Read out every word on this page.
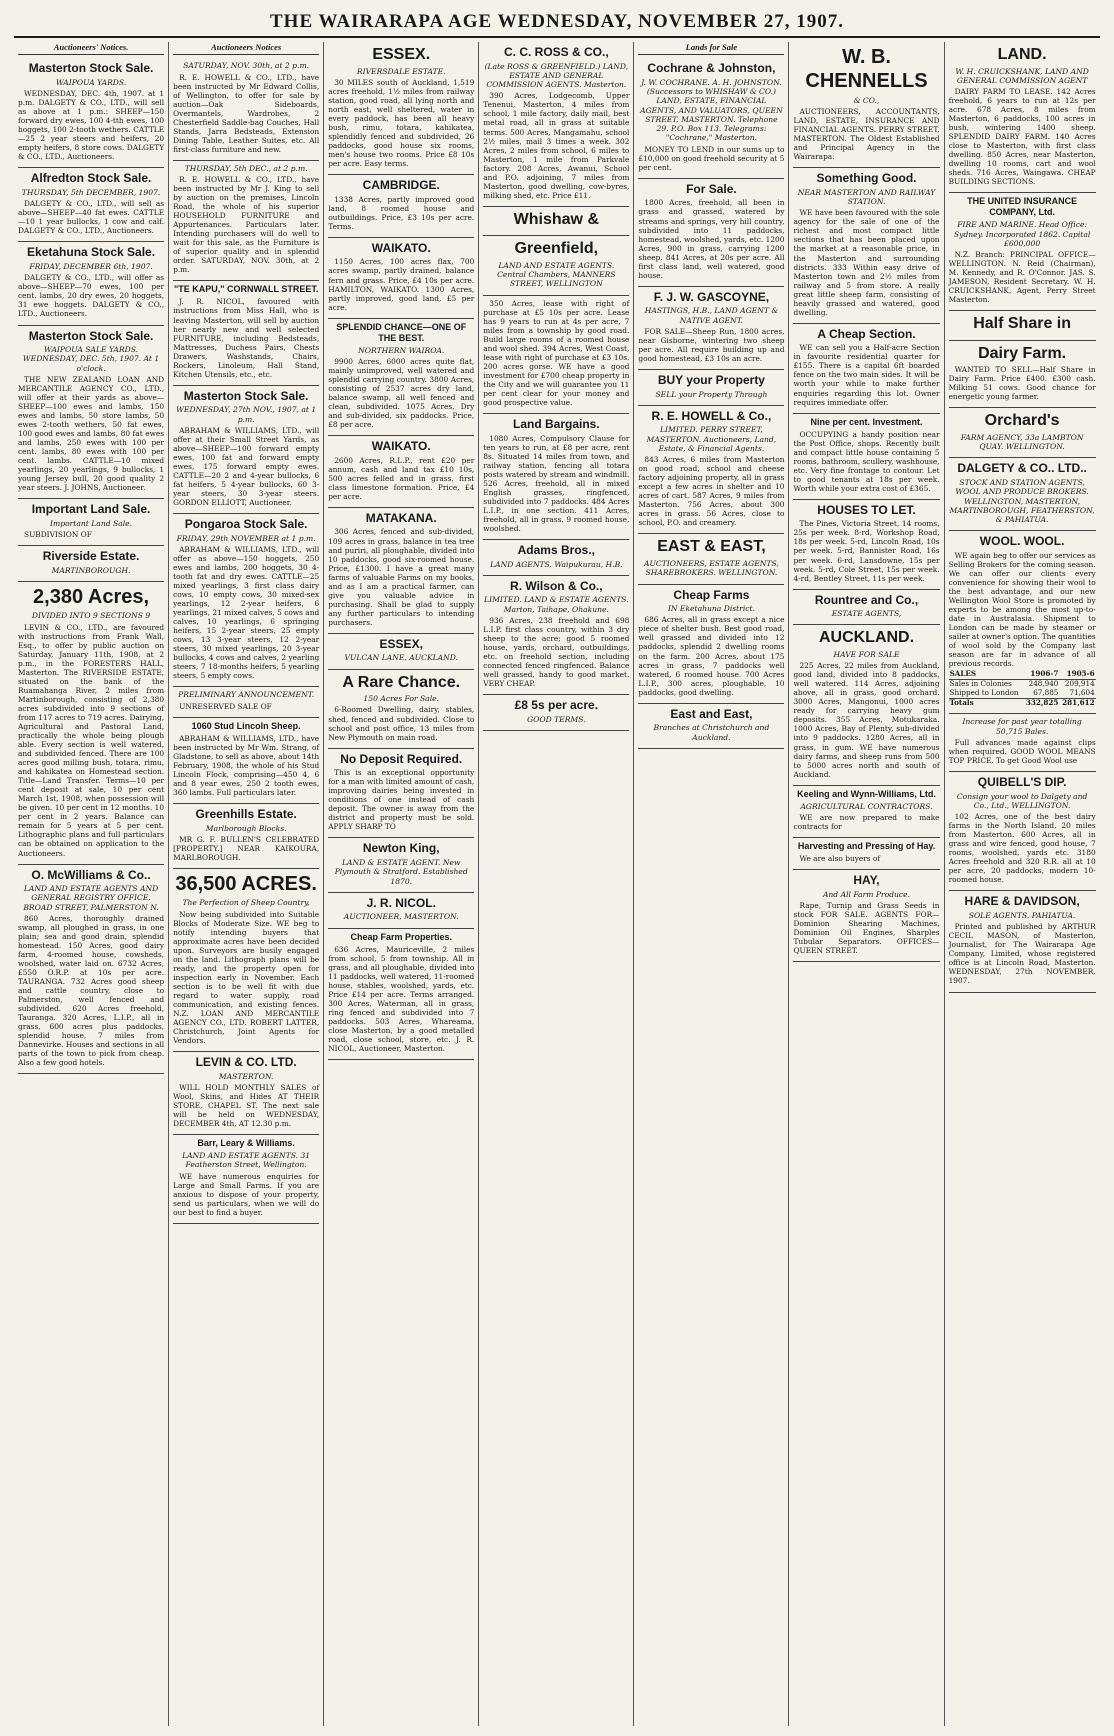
THE WAIRARAPA AGE WEDNESDAY, NOVEMBER 27, 1907.
Auctioneers' Notices.
Masterton Stock Sale.
WAIPOUA YARDS.

WEDNESDAY, DEC. 4th, 1907. at 1 p.m. DALGETY & CO., LTD., will sell as above at 1 p.m.: SHEEP—150 forward dry ewes, 100 4-tth ewes, 100 hoggets, 100 2-tooth wethers. CATTLE—25 2 year steers and heifers, 20 empty heifers, 8 store cows. DALGETY & CO., LTD., Auctioneers.

Alfredton Stock Sale.
THURSDAY, 5th DECEMBER, 1907.

DALGETY & CO., LTD., will sell as above—SHEEP—40 fat ewes. CATTLE—10 1 year bullocks, 1 cow and calf. DALGETY & CO., LTD., Auctioneers.

Eketahuna Stock Sale.
FRIDAY, DECEMBER 6th, 1907.

DALGETY & CO., LTD., will offer as above—SHEEP—70 ewes, 100 per cent. lambs, 20 dry ewes, 20 hoggets, 31 ewe hoggets. DALGETY & CO., LTD., Auctioneers.

Masterton Stock Sale.
WAIPOUA SALE YARDS. WEDNESDAY, DEC. 5th, 1907. At 1 o'clock.

THE NEW ZEALAND LOAN AND MERCANTILE AGENCY CO., LTD., will offer at their yards as above—SHEEP—100 ewes and lambs, 150 ewes and lambs, 50 store lambs, 50 ewes 2-tooth wethers, 50 fat ewes, 100 good ewes and lambs, 80 fat ewes and lambs, 250 ewes with 100 per cent. lambs, 80 ewes with 100 per cent. lambs. CATTLE—10 mixed yearlings, 20 yearlings, 9 bullocks, 1 young Jersey bull, 20 good quality 2 year steers. J. JOHNS, Auctioneer.

Important Land Sale.
Important Land Sale.

SUBDIVISION OF

Riverside Estate.
MARTINBOROUGH.
2,380 Acres,
DIVIDED INTO 9 SECTIONS 9

LEVIN & CO., LTD., are favoured with instructions from Frank Wall, Esq., to offer by public auction on Saturday, January 11th, 1908, at 2 p.m., in the FORESTERS HALL, Masterton. The RIVERSIDE ESTATE, situated on the bank of the Ruamahanga River, 2 miles from Martinborough, consisting of 2,380 acres subdivided into 9 sections of from 117 acres to 719 acres. Dairying, Agricultural and Pastoral Land, practically the whole being plough able. Every section is well watered, and subdivided fenced. There are 100 acres good milling bush, totara, rimu, and kahikatea on Homestead section. Title—Land Transfer. Terms—10 per cent deposit at sale, 10 per cent March 1st, 1908, when possession will be given. 10 per cent in 12 months. 10 per cent in 2 years. Balance can remain for 5 years at 5 per cent. Lithographic plans and full particulars can be obtained on application to the Auctioneers.

O. McWilliams & Co..
LAND AND ESTATE AGENTS AND GENERAL REGISTRY OFFICE. BROAD STREET, PALMERSTON N.

860 Acres, thoroughly drained swamp, all ploughed in grass, in one plain; sea and good drain, splendid homestead. 150 Acres, good dairy farm, 4-roomed house, cowsheds, woolshed, water laid on. 6732 Acres, £550 O.R.P. at 10s per acre. TAURANGA. 732 Acres good sheep and cattle country, close to Palmerston, well fenced and subdivided. 620 Acres freehold, Tauranga. 320 Acres, L.I.P., all in grass, 600 acres plus paddocks, splendid house, 7 miles from Dannevirke. Houses and sections in all parts of the town to pick from cheap. Also a few good hotels.

Auctioneers Notices
SATURDAY, NOV. 30th, at 2 p.m.

R. E. HOWELL & CO., LTD., have been instructed by Mr Edward Collis, of Wellington, to offer for sale by auction—Oak Sideboards, Overmantels, Wardrobes, 2 Chesterfield Saddle-bag Couches, Hall Stands, Jarra Bedsteads, Extension Dining Table, Leather Suites, etc. All first-class furniture and new.

THURSDAY, 5th DEC., at 2 p.m.

R. E. HOWELL & CO., LTD., have been instructed by Mr J. King to sell by auction on the premises, Lincoln Road, the whole of his superior HOUSEHOLD FURNITURE and Appurtenances. Particulars later. Intending purchasers will do well to wait for this sale, as the Furniture is of superior quality and in splendid order. SATURDAY, NOV. 30th, at 2 p.m.

"TE KAPU," CORNWALL STREET.

J. R. NICOL, favoured with instructions from Miss Hall, who is leaving Masterton, will sell by auction her nearly new and well selected FURNITURE, including Bedsteads, Mattresses, Duchess Pairs, Chests Drawers, Washstands, Chairs, Rockers, Linoleum, Hall Stand, Kitchen Utensils, etc., etc.

Masterton Stock Sale.
WEDNESDAY, 27th NOV., 1907, at 1 p.m.

ABRAHAM & WILLIAMS, LTD., will offer at their Small Street Yards, as above—SHEEP—100 forward empty ewes, 100 fat and forward empty ewes, 175 forward empty ewes. CATTLE—20 2 and 4-year bullocks, 6 fat heifers, 5 4-year bullocks, 60 3-year steers, 30 3-year steers. GORDON ELLIOTT, Auctioneer.

Pongaroa Stock Sale.
FRIDAY, 29th NOVEMBER at 1 p.m.

ABRAHAM & WILLIAMS, LTD., will offer as above—150 hoggets, 250 ewes and lambs, 200 hoggets, 30 4-tooth fat and dry ewes. CATTLE—25 mixed yearlings, 3 first class dairy cows, 10 empty cows, 30 mixed-sex yearlings, 12 2-year heifers, 6 yearlings, 21 mixed calves, 5 cows and calves, 10 yearlings, 6 springing heifers, 15 2-year steers, 25 empty cows, 13 3-year steers, 12 2-year steers, 30 mixed yearlings, 20 3-year bullocks, 4 cows and calves, 2 yearling steers, 7 18-months heifers, 5 yearling steers, 5 empty cows.

PRELIMINARY ANNOUNCEMENT.

UNRESERVED SALE OF

1060 Stud Lincoln Sheep.

ABRAHAM & WILLIAMS, LTD., have been instructed by Mr Wm. Strang, of Gladstone, to sell as above, about 14th February, 1908, the whole of his Stud Lincoln Flock, comprising—450 4, 6 and 8 year ewes, 250 2 tooth ewes, 360 lambs. Full particulars later.

Greenhills Estate.
Marlborough Blocks.

MR G. F. BULLEN'S CELEBRATED [PROPERTY.] NEAR KAIKOURA, MARLBOROUGH.

36,500 ACRES.
The Perfection of Sheep Country,

Now being subdivided into Suitable Blocks of Moderate Size. WE beg to notify intending buyers that approximate acres have been decided upon. Surveyors are busily engaged on the land. Lithograph plans will be ready, and the property open for inspection early in November. Each section is to be well fit with due regard to water supply, road communication, and existing fences. N.Z. LOAN AND MERCANTILE AGENCY CO., LTD. ROBERT LATTER, Christchurch, Joint Agents for Vendors.

LEVIN & CO. LTD.
MASTERTON.

WILL HOLD MONTHLY SALES of Wool, Skins, and Hides AT THEIR STORE, CHAPEL ST. The next sale will be held on WEDNESDAY, DECEMBER 4th, AT 12.30 p.m.

Barr, Leary & Williams.
LAND AND ESTATE AGENTS. 31 Featherston Street, Wellington.

WE have numerous enquiries for Large and Small Farms. If you are anxious to dispose of your property, send us particulars, when we will do our best to find a buyer.

ESSEX.
RIVERSDALE ESTATE.

30 MILES south of Auckland, 1,519 acres freehold, 1½ miles from railway station, good road, all lying north and north east, well sheltered, water in every paddock, has been all heavy bush, rimu, totara, kahikatea, splendidly fenced and subdivided, 26 paddocks, good house six rooms, men's house two rooms. Price £8 10s per acre. Easy terms.

CAMBRIDGE.

1338 Acres, partly improved good land, 8 roomed house and outbuildings. Price, £3 10s per acre. Terms.

WAIKATO.

1150 Acres, 100 acres flax, 700 acres swamp, partly drained, balance fern and grass. Price, £4 10s per acre. HAMILTON, WAIKATO. 1300 Acres, partly improved, good land, £5 per acre.

SPLENDID CHANCE—ONE OF THE BEST.
NORTHERN WAIROA.

9900 Acres, 6000 acres quite flat, mainly unimproved, well watered and splendid carrying country. 3800 Acres, consisting of 2537 acres dry land, balance swamp, all well fenced and clean, subdivided. 1075 Acres, Dry and sub-divided, six paddocks. Price, £8 per acre.

WAIKATO.

2600 Acres, R.L.P., rent £20 per annum, cash and land tax £10 10s, 500 acres felled and in grass, first class limestone formation. Price, £4 per acre.

MATAKANA.

306 Acres, fenced and sub-divided, 109 acres in grass, balance in tea tree and puriri, all ploughable, divided into 10 paddocks, good six-roomed house. Price, £1300. I have a great many farms of valuable Farms on my books, and as I am a practical farmer, can give you valuable advice in purchasing. Shall be glad to supply any further particulars to intending purchasers.

ESSEX,
VULCAN LANE, AUCKLAND.
A Rare Chance.
150 Acres For Sale.

6-Roomed Dwelling, dairy, stables, shed, fenced and subdivided. Close to school and post office, 13 miles from New Plymouth on main road.

No Deposit Required.

This is an exceptional opportunity for a man with limited amount of cash, improving dairies being invested in conditions of one instead of cash deposit. The owner is away from the district and property must be sold. APPLY SHARP TO

Newton King,
LAND & ESTATE AGENT. New Plymouth & Stratford. Established 1870.
J. R. NICOL.
AUCTIONEER, MASTERTON.
Cheap Farm Properties.

636 Acres, Mauriceville, 2 miles from school, 5 from township. All in grass, and all ploughable, divided into 11 paddocks, well watered, 11-roomed house, stables, woolshed, yards, etc. Price £14 per acre. Terms arranged. 300 Acres, Waterman, all in grass, ring fenced and subdivided into 7 paddocks. 503 Acres, Whareama, close Masterton, by a good metalled road, close school, store, etc. J. R. NICOL, Auctioneer, Masterton.

C. C. ROSS & CO.,
(Late ROSS & GREENFIELD.) LAND, ESTATE AND GENERAL COMMISSION AGENTS. Masterton.

390 Acres, Lodgecomb, Upper Tenenui, Masterton, 4 miles from school, 1 mile factory, daily mail, best metal road, all in grass at suitable terms. 500 Acres, Mangamahu, school 2½ miles, mail 3 times a week. 302 Acres, 2 miles from school, 6 miles to Masterton, 1 mile from Parkvale factory. 208 Acres, Awanui, School and P.O. adjoining, 7 miles from Masterton, good dwelling, cow-byres, milking shed, etc. Price £11.

Whishaw &
Greenfield,
LAND AND ESTATE AGENTS. Central Chambers, MANNERS STREET, WELLINGTON

350 Acres, lease with right of purchase at £5 10s per acre. Lease has 9 years to run at 4s per acre, 7 miles from a township by good road. Build large rooms of a roomed house and wool shed. 394 Acres, West Coast, lease with right of purchase at £3 10s. 200 acres gorse. WE have a good investment for £700 cheap property in the City and we will guarantee you 11 per cent clear for your money and good prospective value.

Land Bargains.

1080 Acres, Compulsory Clause for ten years to run, at £8 per acre, rent 8s. Situated 14 miles from town, and railway station, fencing all totara posts watered by stream and windmill. 526 Acres, freehold, all in mixed English grasses, ringfenced, subdivided into 7 paddocks. 484 Acres L.I.P., in one section. 411 Acres, freehold, all in grass, 9 roomed house, woolshed.

Adams Bros.,
LAND AGENTS. Waipukurau, H.B.
R. Wilson & Co.,
LIMITED. LAND & ESTATE AGENTS. Marton, Taihape, Ohakune.

936 Acres, 238 freehold and 698 L.I.P. first class country, within 3 dry sheep to the acre; good 5 roomed house, yards, orchard, outbuildings, etc. on freehold section, including connected fenced ringfenced. Balance well grassed, handy to good market. VERY CHEAP.

£8 5s per acre.
GOOD TERMS.
Lands for Sale
Cochrane & Johnston,
J. W. COCHRANE. A. H. JOHNSTON. (Successors to WHISHAW & CO.) LAND, ESTATE, FINANCIAL AGENTS, AND VALUATORS, QUEEN STREET, MASTERTON. Telephone 29. P.O. Box 113. Telegrams: "Cochrane," Masterton.

MONEY TO LEND in our sums up to £10,000 on good freehold security at 5 per cent.

For Sale.

1800 Acres, freehold, all been in grass and grassed, watered by streams and springs, very hill country, subdivided into 11 paddocks, homestead, woolshed, yards, etc. 1200 Acres, 900 in grass, carrying 1200 sheep. 841 Acres, at 20s per acre. All first class land, well watered, good house.

F. J. W. GASCOYNE,
HASTINGS, H.B., LAND AGENT & NATIVE AGENT.

FOR SALE—Sheep Run, 1800 acres, near Gisborne, wintering two sheep per acre. All require building up and good homestead, £3 10s an acre.

BUY your Property
SELL your Property Through
R. E. HOWELL & Co.,
LIMITED. PERRY STREET, MASTERTON. Auctioneers, Land, Estate, & Financial Agents.

843 Acres, 6 miles from Masterton on good road, school and cheese factory adjoining property, all in grass except a few acres in shelter and 10 acres of cart. 587 Acres, 9 miles from Masterton. 756 Acres, about 300 acres in grass. 56 Acres, close to school, P.O. and creamery.

EAST & EAST,
AUCTIONEERS, ESTATE AGENTS, SHAREBROKERS. WELLINGTON.
Cheap Farms
IN Eketahuna District.

686 Acres, all in grass except a nice piece of shelter bush. Best good road, well grassed and divided into 12 paddocks, splendid 2 dwelling rooms on the farm. 200 Acres, about 175 acres in grass, 7 paddocks well watered, 6 roomed house. 700 Acres L.I.P., 300 acres, ploughable, 10 paddocks, good dwelling.

East and East,
Branches at Christchurch and Auckland.
W. B. CHENNELLS
& CO.,

AUCTIONEERS, ACCOUNTANTS, LAND, ESTATE, INSURANCE AND FINANCIAL AGENTS. PERRY STREET, MASTERTON. The Oldest Established and Principal Agency in the Wairarapa.

Something Good.
NEAR MASTERTON AND RAILWAY STATION.

WE have been favoured with the sole agency for the sale of one of the richest and most compact little sections that has been placed upon the market at a reasonable price, in the Masterton and surrounding districts. 333 Within easy drive of Masterton town and 2½ miles from railway and 5 from store. A really great little sheep farm, consisting of heavily grassed and watered, good dwelling.

A Cheap Section.

WE can sell you a Half-acre Section in favourite residential quarter for £155. There is a capital 6ft boarded fence on the two main sides. It will be worth your while to make further enquiries regarding this lot. Owner requires immediate offer.

Nine per cent. Investment.

OCCUPYING a handy position near the Post Office, shops. Recently built and compact little house containing 5 rooms, bathroom, scullery, washhouse, etc. Very fine frontage to contour. Let to good tenants at 18s per week. Worth while your extra cost of £365.

HOUSES TO LET.

The Pines, Victoria Street, 14 rooms, 25s per week. 8-rd, Workshop Road, 18s per week. 5-rd, Lincoln Road, 10s per week. 5-rd, Bannister Road, 16s per week. 6-rd, Lansdowne, 15s per week. 5-rd, Cole Street, 15s per week. 4-rd, Bentley Street, 11s per week.

Rountree and Co.,
ESTATE AGENTS,
AUCKLAND.
HAVE FOR SALE

225 Acres, 22 miles from Auckland, good land, divided into 8 paddocks, well watered. 114 Acres, adjoining above, all in grass, good orchard. 3000 Acres, Mangonui, 1000 acres ready for carrying heavy gum deposits. 355 Acres, Motukaraka. 1000 Acres, Bay of Plenty, sub-divided into 9 paddocks. 1280 Acres, all in grass, in gum. WE have numerous dairy farms, and sheep runs from 500 to 5000 acres north and south of Auckland.

Keeling and Wynn-Williams, Ltd.
AGRICULTURAL CONTRACTORS.

WE are now prepared to make contracts for

Harvesting and Pressing of Hay.

We are also buyers of

HAY,
And All Farm Produce.

Rape, Turnip and Grass Seeds in stock FOR SALE. AGENTS FOR—Dominion Shearing Machines, Dominion Oil Engines, Sharples Tubular Separators. OFFICES—QUEEN STREET.

LAND.
W. H. CRUICKSHANK, LAND AND GENERAL COMMISSION AGENT

DAIRY FARM TO LEASE. 142 Acres freehold, 6 years to run at 12s per acre. 678 Acres, 8 miles from Masterton, 6 paddocks, 100 acres in bush, wintering 1400 sheep. SPLENDID DAIRY FARM. 140 Acres close to Masterton, with first class dwelling. 850 Acres, near Masterton, dwelling 10 rooms, cart and wool sheds. 716 Acres, Waingawa. CHEAP BUILDING SECTIONS.

THE UNITED INSURANCE COMPANY, Ltd.
FIRE AND MARINE. Head Office: Sydney. Incorporated 1862. Capital £600,000

N.Z. Branch: PRINCIPAL OFFICE—WELLINGTON. N. Reid (Chairman), M. Kennedy, and R. O'Connor. JAS. S. JAMESON, Resident Secretary. W. H. CRUICKSHANK, Agent, Perry Street Masterton.

Half Share in
Dairy Farm.

WANTED TO SELL—Half Share in Dairy Farm. Price £400. £300 cash. Milking 51 cows. Good chance for energetic young farmer.

Orchard's
FARM AGENCY, 33a LAMBTON QUAY. WELLINGTON.
DALGETY & CO.. LTD..
STOCK AND STATION AGENTS, WOOL AND PRODUCE BROKERS. WELLINGTON, MASTERTON, MARTINBOROUGH, FEATHERSTON, & PAHIATUA.
WOOL. WOOL.

WE again beg to offer our services as Selling Brokers for the coming season. We can offer our clients every convenience for showing their wool to the best advantage, and our new Wellington Wool Store is promoted by experts to be among the most up-to-date in Australasia. Shipment to London can be made by steamer or sailer at owner's option. The quantities of wool sold by the Company last season are far in advance of all previous records.

SALES	1906-7	1905-6
Sales in Colonies	248,940	209,914
Shipped to London	67,885	71,604
Totals	332,825	281,612
Increase for past year totalling 50,715 Bales.

Full advances made against clips when required. GOOD WOOL MEANS TOP PRICE. To get Good Wool use

QUIBELL'S DIP.
Consign your wool to Dalgety and Co., Ltd., WELLINGTON.

102 Acres, one of the best dairy farms in the North Island, 20 miles from Masterton. 600 Acres, all in grass and wire fenced, good house, 7 rooms, woolshed, yards etc. 3180 Acres freehold and 320 R.R. all at 10 per acre, 20 paddocks, modern 10-roomed house.

HARE & DAVIDSON,
SOLE AGENTS. PAHIATUA.

Printed and published by ARTHUR CECIL MASON, of Masterton, Journalist, for The Wairarapa Age Company, Limited, whose registered office is at Lincoln Road, Masterton. WEDNESDAY, 27th NOVEMBER, 1907.
